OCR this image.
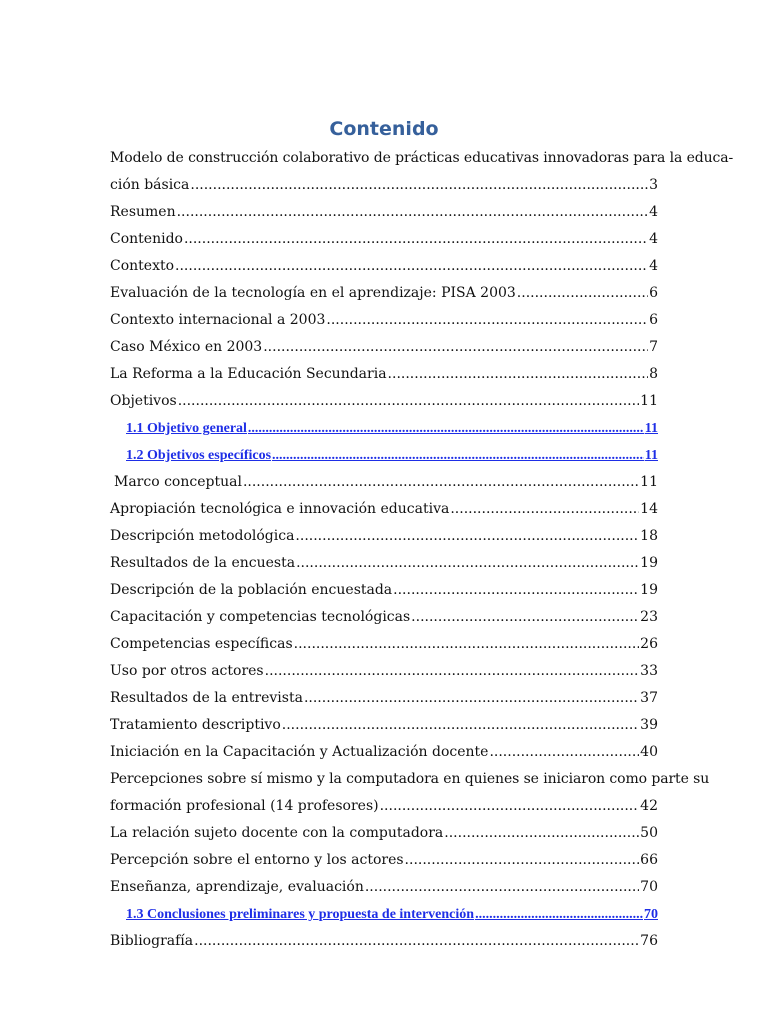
Contenido
Modelo de construcción colaborativo de prácticas educativas innovadoras para la educa-
ción básica .....	3
Resumen .....	4
Contenido .....	4
Contexto .....	4
Evaluación de la tecnología en el aprendizaje: PISA 2003 .....	6
Contexto internacional a 2003 .....	6
Caso México en 2003 .....	7
La Reforma a la Educación Secundaria .....	8
Objetivos .....	11
1.1 Objetivo general .....	11
1.2 Objetivos específicos .....	11
Marco conceptual .....	11
Apropiación tecnológica e innovación educativa .....	14
Descripción metodológica .....	18
Resultados de la encuesta .....	19
Descripción de la población encuestada .....	19
Capacitación y competencias tecnológicas .....	23
Competencias específicas .....	26
Uso por otros actores .....	33
Resultados de la entrevista .....	37
Tratamiento descriptivo .....	39
Iniciación en la Capacitación y Actualización docente .....	40
Percepciones sobre sí mismo y la computadora en quienes se iniciaron como parte su
formación profesional (14 profesores) .....	42
La relación sujeto docente con la computadora .....	50
Percepción sobre el entorno y los actores .....	66
Enseñanza, aprendizaje, evaluación .....	70
1.3 Conclusiones preliminares y propuesta de intervención .....	70
Bibliografía .....	76
